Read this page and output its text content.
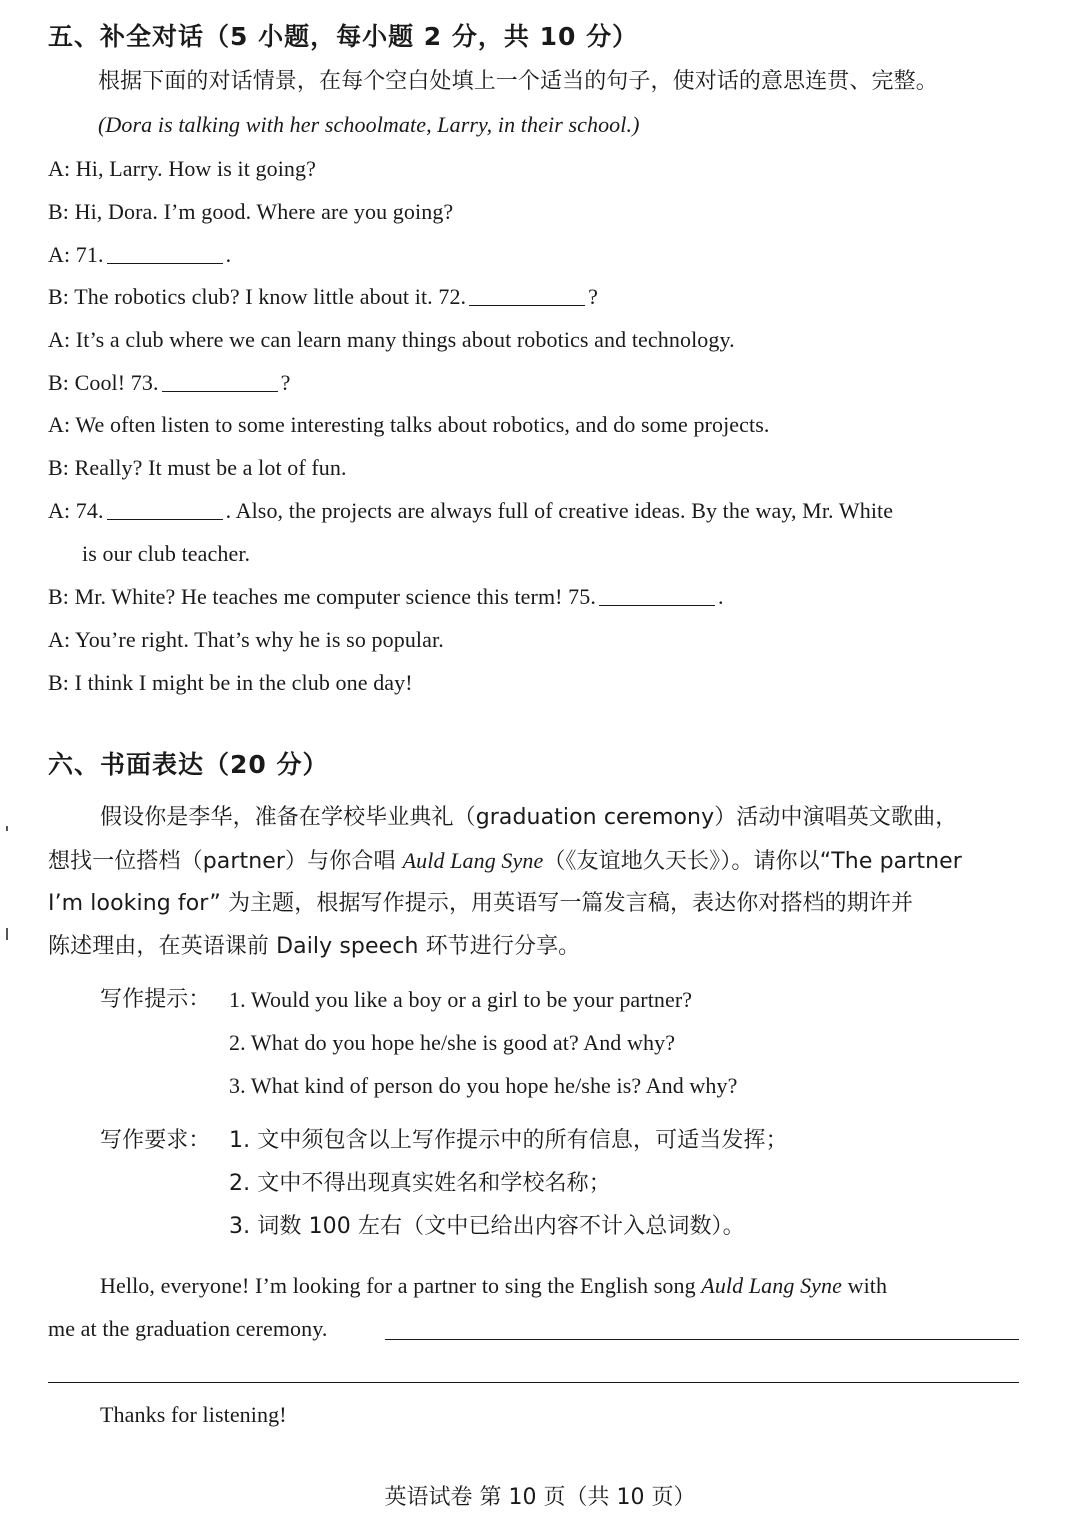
五、补全对话（5 小题，每小题 2 分，共 10 分）
根据下面的对话情景，在每个空白处填上一个适当的句子，使对话的意思连贯、完整。
(Dora is talking with her schoolmate, Larry, in their school.)
A: Hi, Larry. How is it going?
B: Hi, Dora. I’m good. Where are you going?
A: 71.	.
B: The robotics club? I know little about it. 72.	?
A: It’s a club where we can learn many things about robotics and technology.
B: Cool! 73.	?
A: We often listen to some interesting talks about robotics, and do some projects.
B: Really? It must be a lot of fun.
A: 74.	. Also, the projects are always full of creative ideas. By the way, Mr. White
is our club teacher.
B: Mr. White? He teaches me computer science this term! 75.	.
A: You’re right. That’s why he is so popular.
B: I think I might be in the club one day!
六、书面表达（20 分）
假设你是李华，准备在学校毕业典礼（graduation ceremony）活动中演唱英文歌曲，
想找一位搭档（partner）与你合唱 Auld Lang Syne（《友谊地久天长》）。请你以“The partner
I’m looking for” 为主题，根据写作提示，用英语写一篇发言稿，表达你对搭档的期许并
陈述理由，在英语课前 Daily speech 环节进行分享。
写作提示： 1. Would you like a boy or a girl to be your partner?
2. What do you hope he/she is good at? And why?
3. What kind of person do you hope he/she is? And why?
写作要求： 1. 文中须包含以上写作提示中的所有信息，可适当发挥；
2. 文中不得出现真实姓名和学校名称；
3. 词数 100 左右（文中已给出内容不计入总词数）。
Hello, everyone! I’m looking for a partner to sing the English song Auld Lang Syne with
me at the graduation ceremony.
Thanks for listening!
英语试卷 第 10 页（共 10 页）
